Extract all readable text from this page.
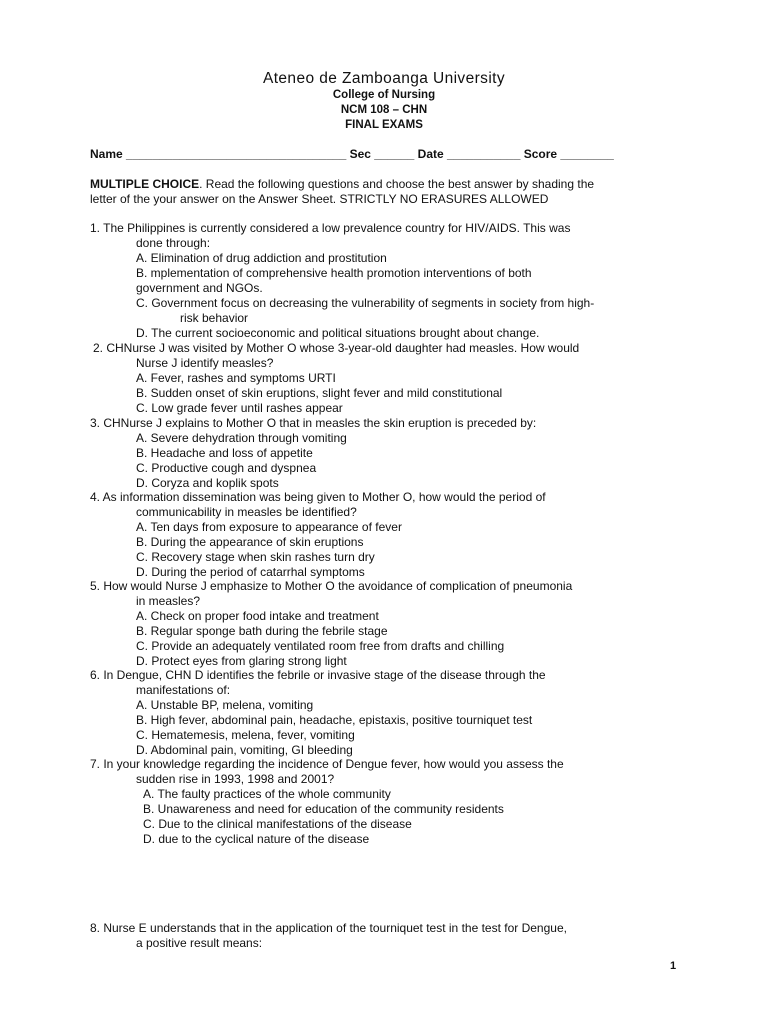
Ateneo de Zamboanga University
College of Nursing
NCM 108 – CHN
FINAL EXAMS
Name _________________________________ Sec ______ Date ___________ Score ________
MULTIPLE CHOICE. Read the following questions and choose the best answer by shading the
letter of the your answer on the Answer Sheet. STRICTLY NO ERASURES ALLOWED
1. The Philippines is currently considered a low prevalence country for HIV/AIDS. This was
done through:
A. Elimination of drug addiction and prostitution
B. mplementation of comprehensive health promotion interventions of both
government and NGOs.
C. Government focus on decreasing the vulnerability of segments in society from high-
risk behavior
D. The current socioeconomic and political situations brought about change.
2. CHNurse J was visited by Mother O whose 3-year-old daughter had measles. How would
Nurse J identify measles?
A. Fever, rashes and symptoms URTI
B. Sudden onset of skin eruptions, slight fever and mild constitutional
C. Low grade fever until rashes appear
3. CHNurse J explains to Mother O that in measles the skin eruption is preceded by:
A. Severe dehydration through vomiting
B. Headache and loss of appetite
C. Productive cough and dyspnea
D. Coryza and koplik spots
4. As information dissemination was being given to Mother O, how would the period of
communicability in measles be identified?
A. Ten days from exposure to appearance of fever
B. During the appearance of skin eruptions
C. Recovery stage when skin rashes turn dry
D. During the period of catarrhal symptoms
5. How would Nurse J emphasize to Mother O the avoidance of complication of pneumonia
in measles?
A. Check on proper food intake and treatment
B. Regular sponge bath during the febrile stage
C. Provide an adequately ventilated room free from drafts and chilling
D. Protect eyes from glaring strong light
6. In Dengue, CHN D identifies the febrile or invasive stage of the disease through the
manifestations of:
A. Unstable BP, melena, vomiting
B. High fever, abdominal pain, headache, epistaxis, positive tourniquet test
C. Hematemesis, melena, fever, vomiting
D. Abdominal pain, vomiting, GI bleeding
7. In your knowledge regarding the incidence of Dengue fever, how would you assess the
sudden rise in 1993, 1998 and 2001?
A. The faulty practices of the whole community
B. Unawareness and need for education of the community residents
C. Due to the clinical manifestations of the disease
D. due to the cyclical nature of the disease
8. Nurse E understands that in the application of the tourniquet test in the test for Dengue,
a positive result means:
1
